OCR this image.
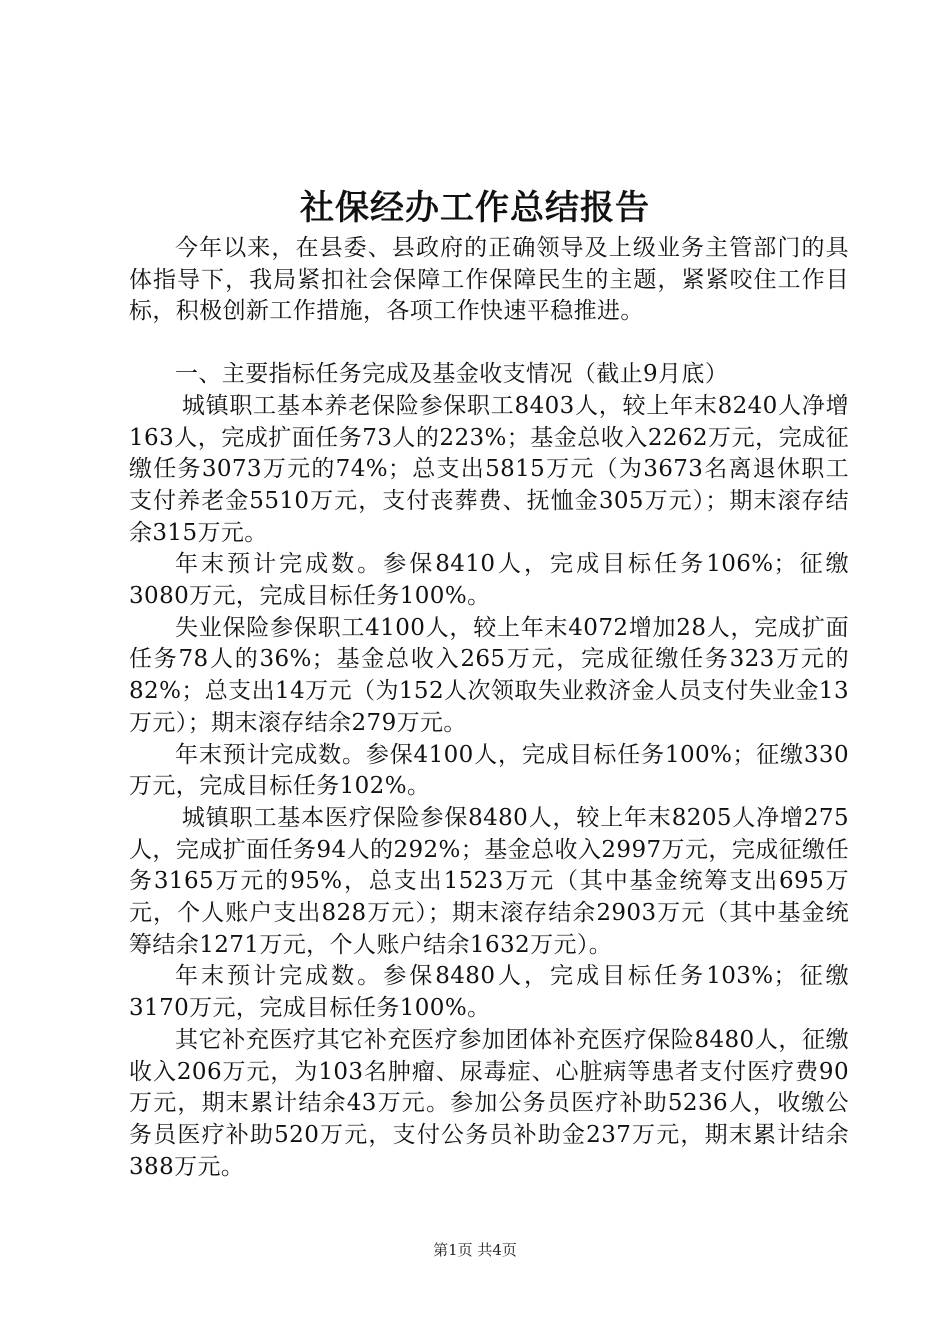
社保经办工作总结报告

今年以来，在县委、县政府的正确领导及上级业务主管部门的具体指导下，我局紧扣社会保障工作保障民生的主题，紧紧咬住工作目标，积极创新工作措施，各项工作快速平稳推进。

一、主要指标任务完成及基金收支情况（截止9月底）

城镇职工基本养老保险参保职工8403人，较上年末8240人净增163人，完成扩面任务73人的223%；基金总收入2262万元，完成征缴任务3073万元的74%；总支出5815万元（为3673名离退休职工支付养老金5510万元，支付丧葬费、抚恤金305万元）；期末滚存结余315万元。

年末预计完成数。参保8410人，完成目标任务106%；征缴3080万元，完成目标任务100%。

失业保险参保职工4100人，较上年末4072增加28人，完成扩面任务78人的36%；基金总收入265万元，完成征缴任务323万元的82%；总支出14万元（为152人次领取失业救济金人员支付失业金13万元）；期末滚存结余279万元。

年末预计完成数。参保4100人，完成目标任务100%；征缴330万元，完成目标任务102%。

城镇职工基本医疗保险参保8480人，较上年末8205人净增275人，完成扩面任务94人的292%；基金总收入2997万元，完成征缴任务3165万元的95%，总支出1523万元（其中基金统筹支出695万元，个人账户支出828万元）；期末滚存结余2903万元（其中基金统筹结余1271万元，个人账户结余1632万元）。

年末预计完成数。参保8480人，完成目标任务103%；征缴3170万元，完成目标任务100%。

其它补充医疗其它补充医疗参加团体补充医疗保险8480人，征缴收入206万元，为103名肿瘤、尿毒症、心脏病等患者支付医疗费90万元，期末累计结余43万元。参加公务员医疗补助5236人，收缴公务员医疗补助520万元，支付公务员补助金237万元，期末累计结余388万元。

第1页 共4页
